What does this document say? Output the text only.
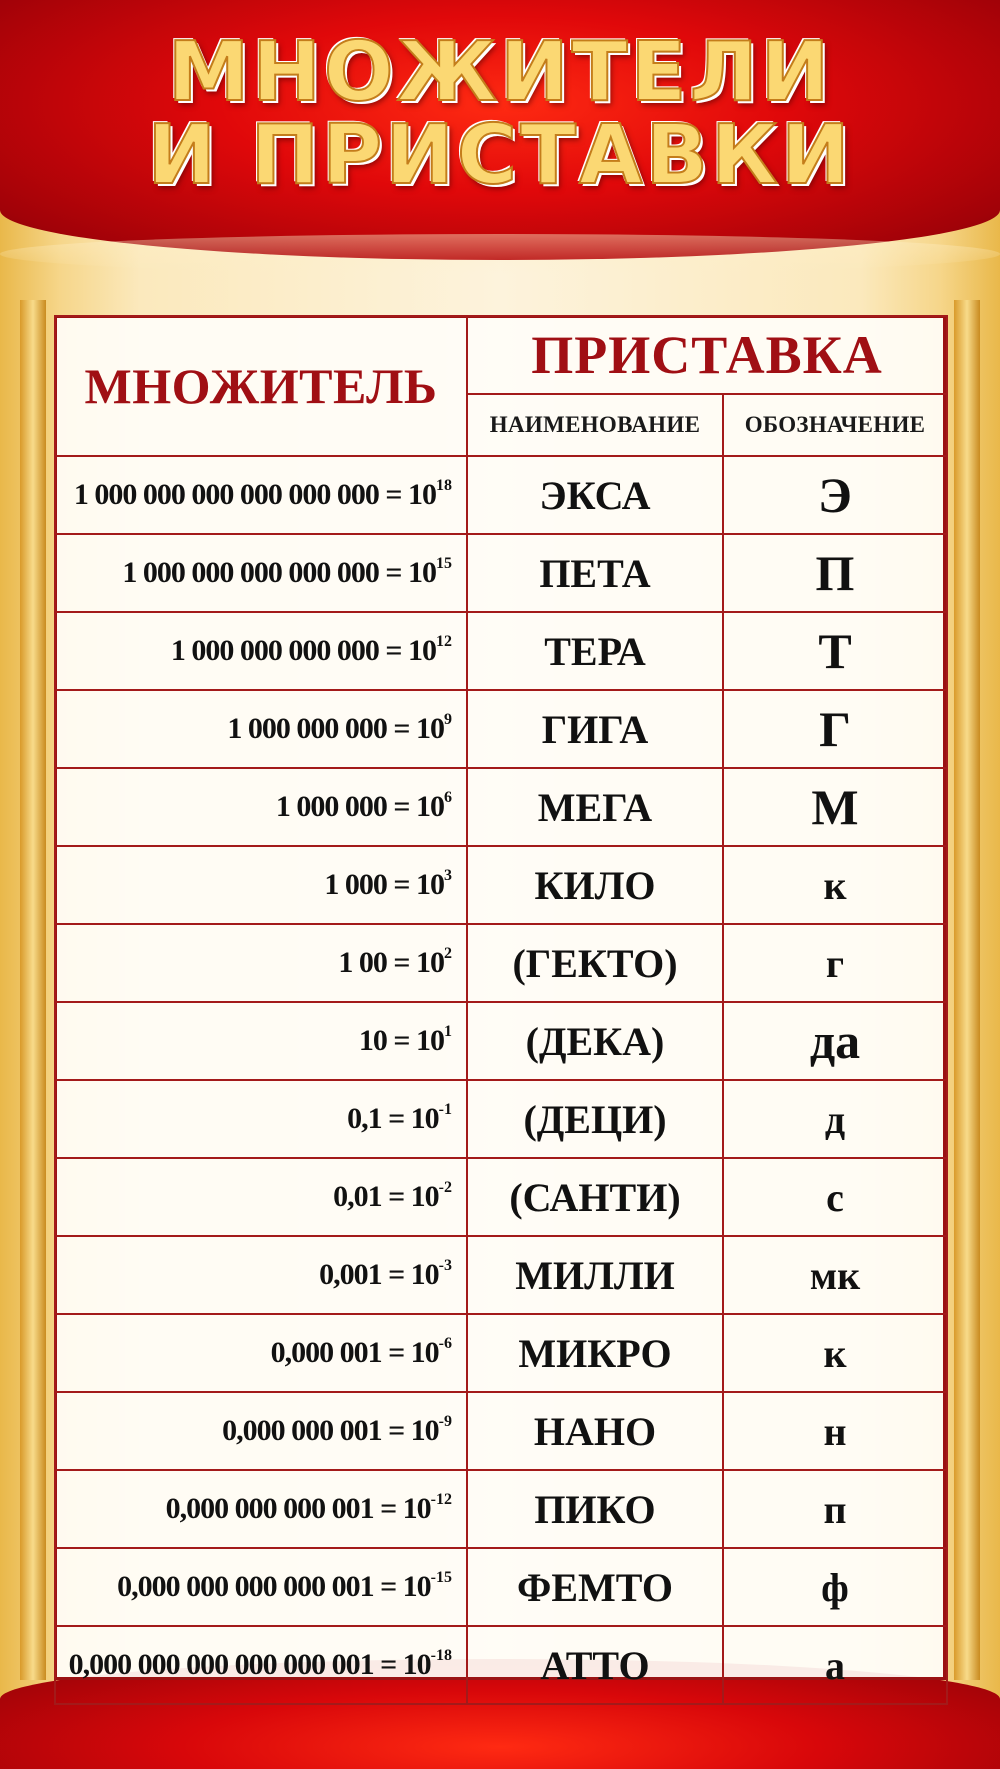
МНОЖИТЕЛИ
И ПРИСТАВКИ
МНОЖИТЕЛЬ	ПРИСТАВКА	
	НАИМЕНОВАНИЕ	ОБОЗНАЧЕНИЕ
1 000 000 000 000 000 $000 = 10^{18}$	ЭКСА	Э
1 000 000 000 000 $000 = 10^{15}$	ПЕТА	П
1 000 000 000 $000 = 10^{12}$	ТЕРА	Т
1 000 000 $000 = 10^9$	ГИГА	Г
1 000 $000 = 10^6$	МЕГА	М
1 $000 = 10^3$	КИЛО	к
1 $00 = 10^2$	(ГЕКТО)	г
$10 = 10^1$	(ДЕКА)	да
$0,1 = 10^{-1}$	(ДЕЦИ)	д
$0,01 = 10^{-2}$	(САНТИ)	с
$0,001 = 10^{-3}$	МИЛЛИ	мк
0,000 $001 = 10^{-6}$	МИКРО	к
0,000 000 $001 = 10^{-9}$	НАНО	н
0,000 000 000 $001 = 10^{-12}$	ПИКО	п
0,000 000 000 000 $001 = 10^{-15}$	ФЕМТО	ф
0,000 000 000 000 000 $001 = 10^{-18}$	АТТО	а
